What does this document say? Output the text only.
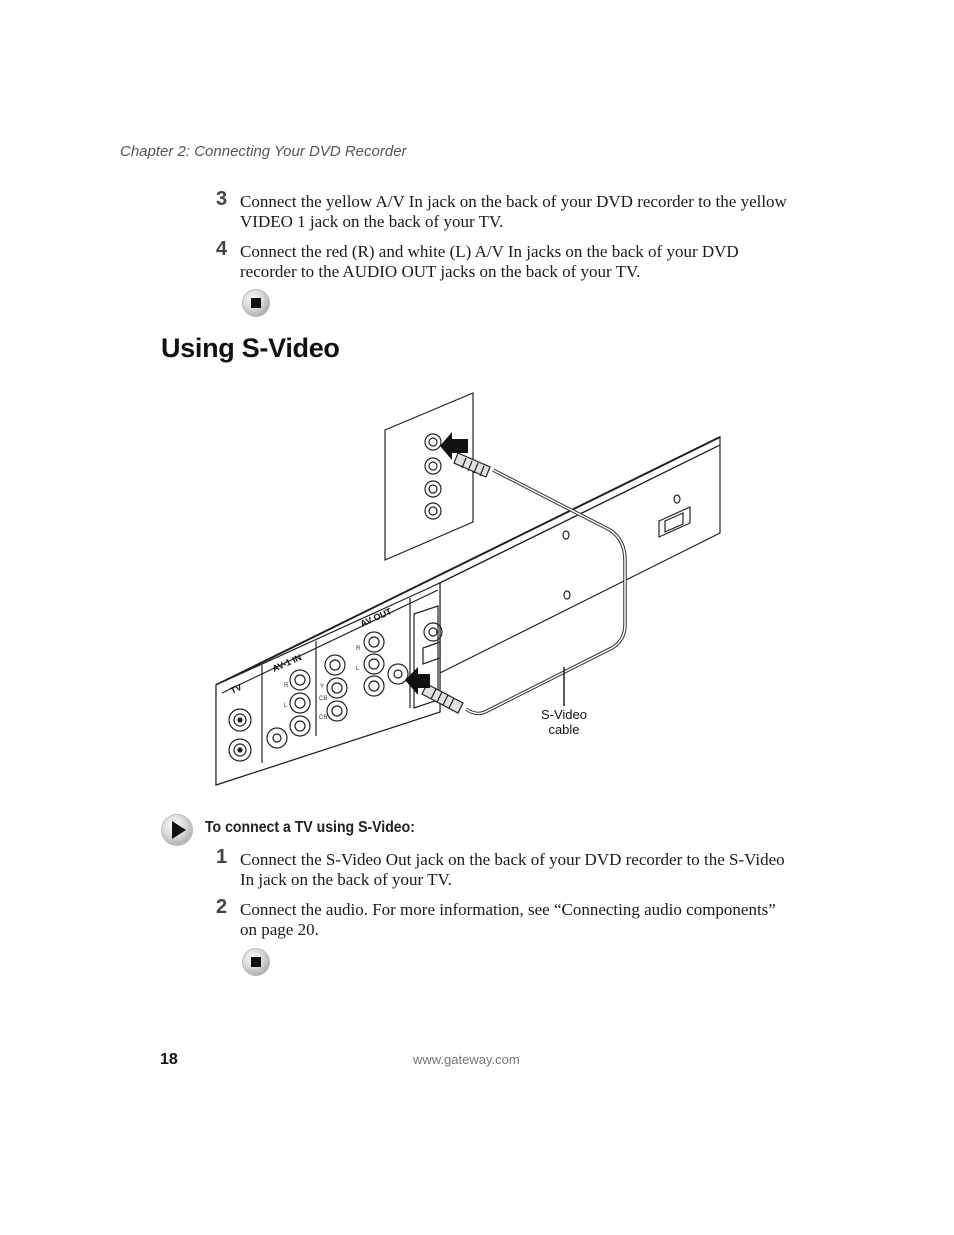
Chapter 2: Connecting Your DVD Recorder
3 Connect the yellow A/V In jack on the back of your DVD recorder to the yellow VIDEO 1 jack on the back of your TV.
4 Connect the red (R) and white (L) A/V In jacks on the back of your DVD recorder to the AUDIO OUT jacks on the back of your TV.
Using S-Video
TV
AV-1 IN
AV OUT
R
L
R
L
Y
CB
CR	S-Video cable
To connect a TV using S-Video:
1 Connect the S-Video Out jack on the back of your DVD recorder to the S-Video In jack on the back of your TV.
2 Connect the audio. For more information, see “Connecting audio components” on page 20.
18	www.gateway.com
